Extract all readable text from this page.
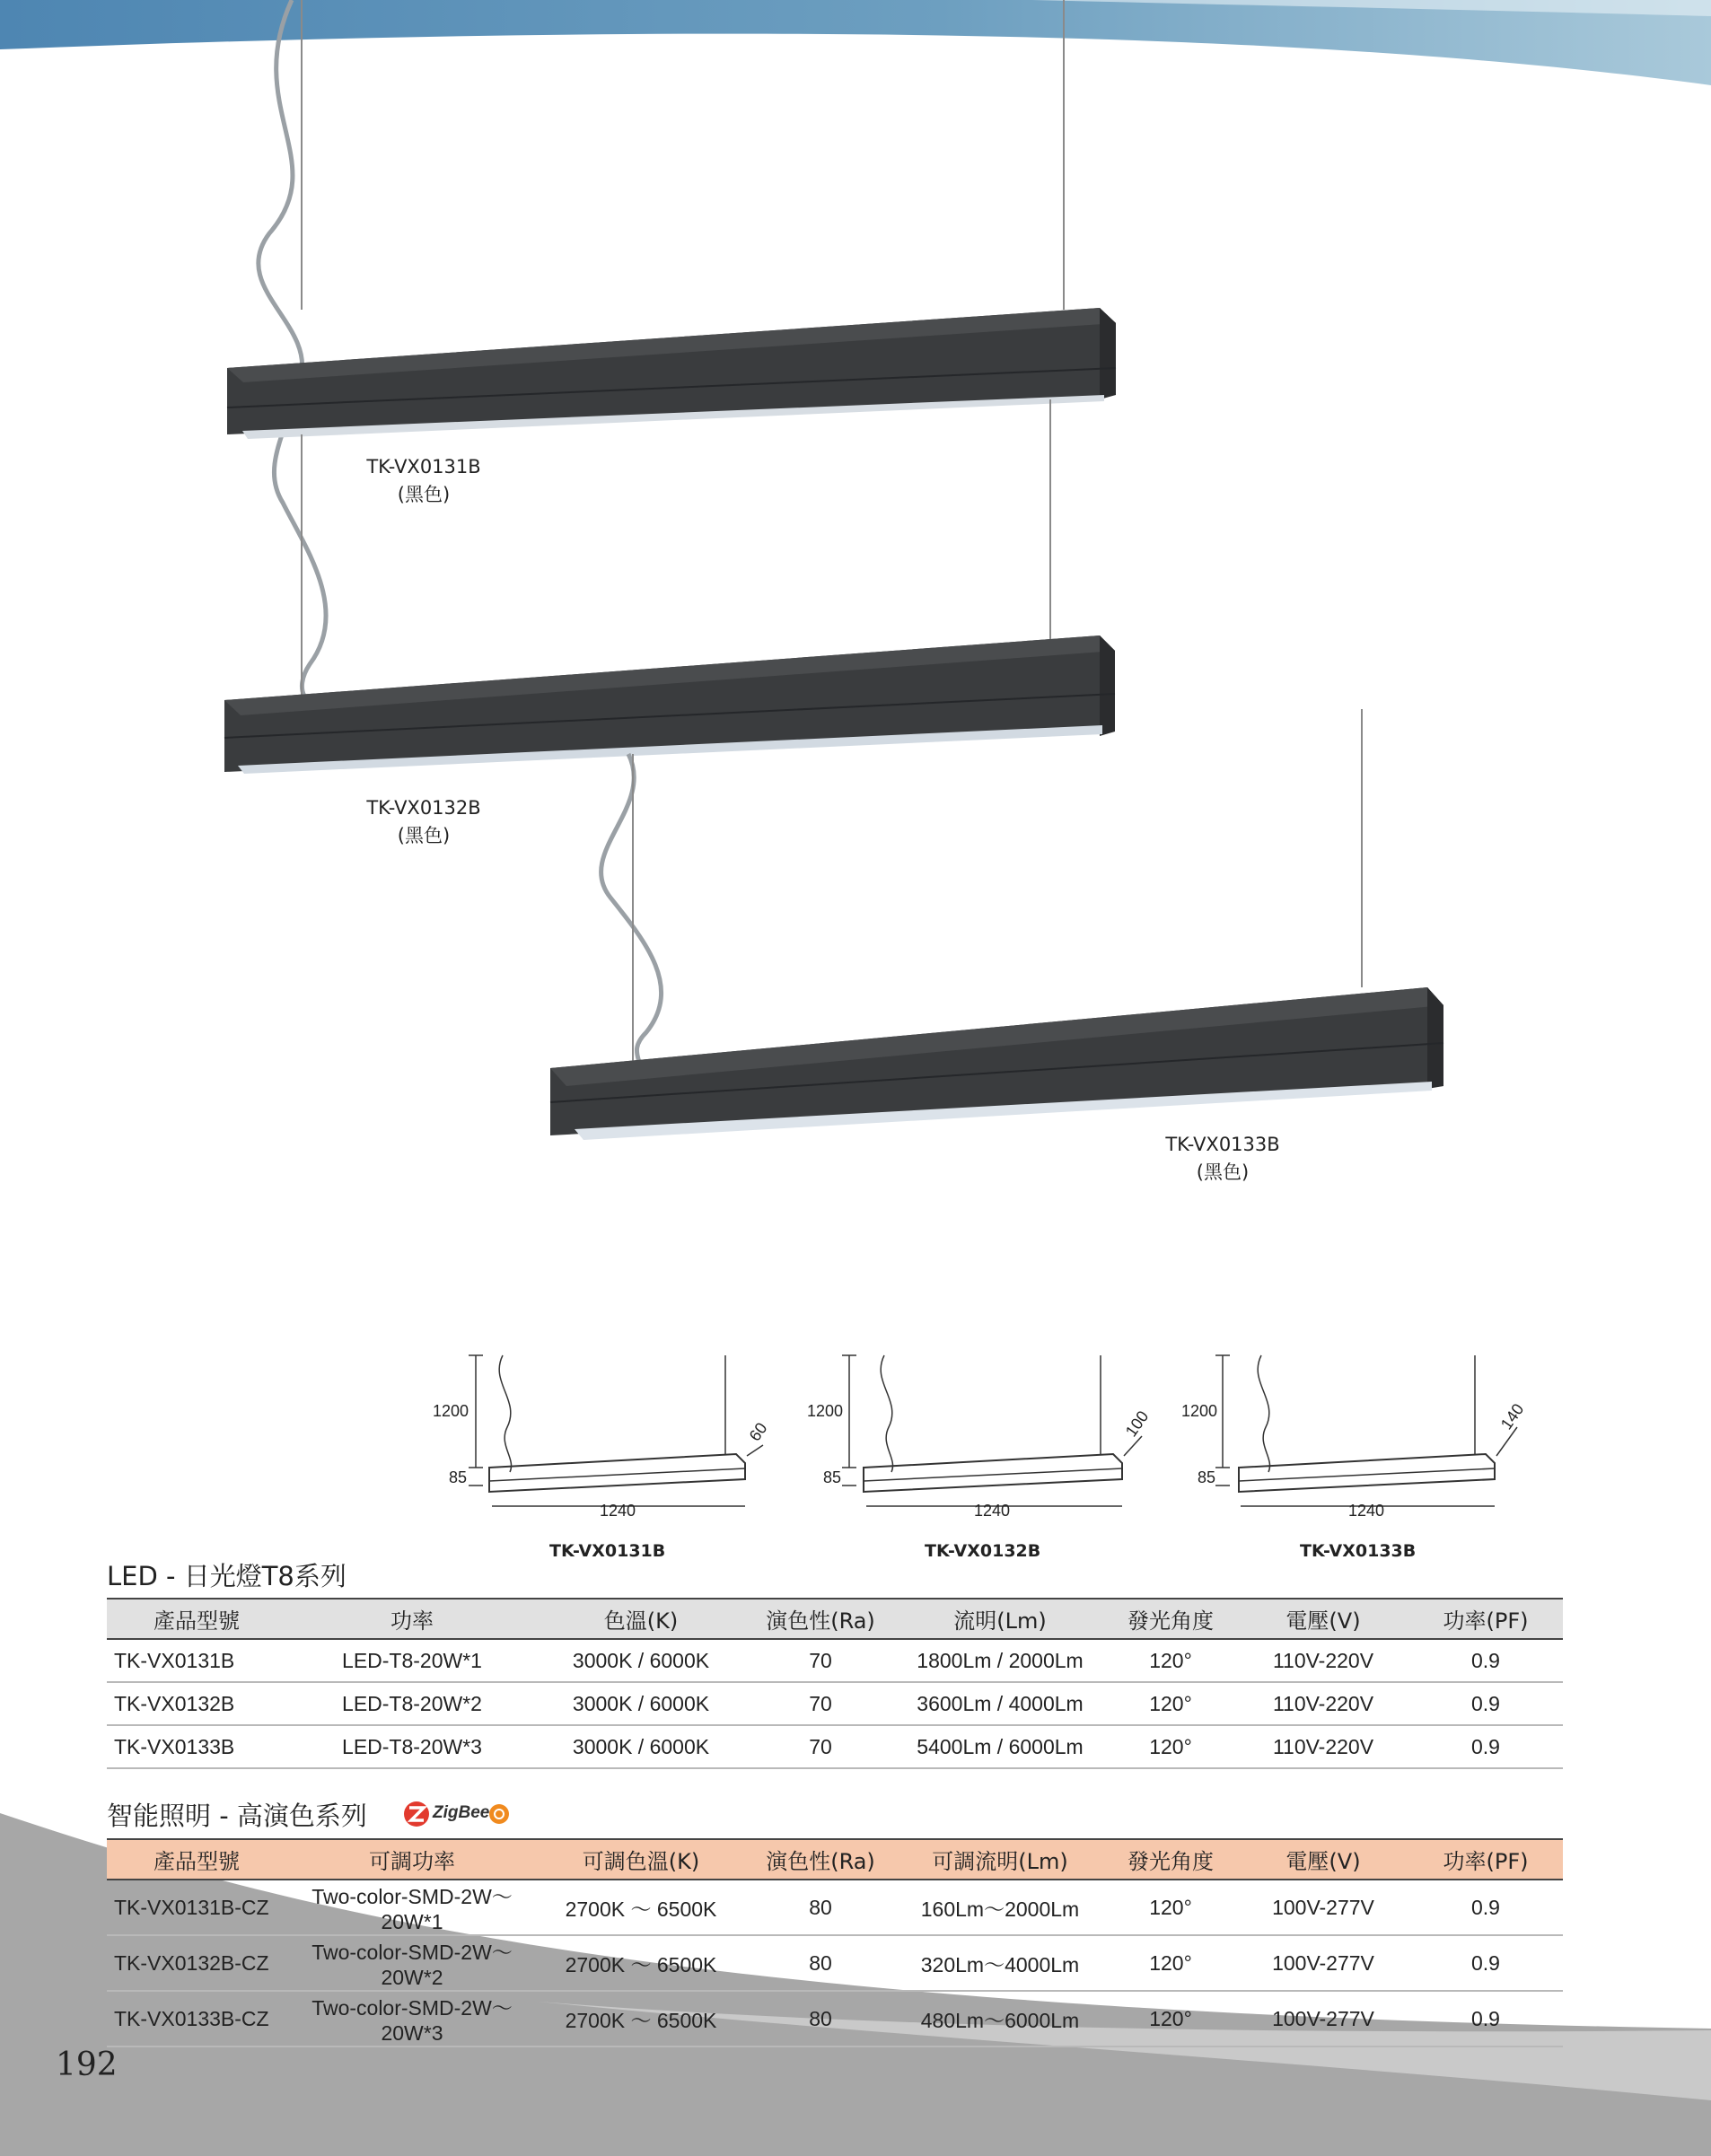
TK-VX0131B
(黑色)
TK-VX0132B
(黑色)
TK-VX0133B
(黑色)
1200
85
1240
60
1200
85
1240
100 1200
85
1240
140
TK-VX0131B	TK-VX0132B	TK-VX0133B
LED - 日光燈T8系列
產品型號	功率	色溫(K)	演色性(Ra)	流明(Lm)	發光角度	電壓(V)	功率(PF)
TK-VX0131B	LED-T8-20W*1	3000K / 6000K	70	1800Lm / 2000Lm	120°	110V-220V	0.9
TK-VX0132B	LED-T8-20W*2	3000K / 6000K	70	3600Lm / 4000Lm	120°	110V-220V	0.9
TK-VX0133B	LED-T8-20W*3	3000K / 6000K	70	5400Lm / 6000Lm	120°	110V-220V	0.9
智能照明 - 高演色系列	ZigBee
產品型號	可調功率	可調色溫(K)	演色性(Ra)	可調流明(Lm)	發光角度	電壓(V)	功率(PF)
TK-VX0131B-CZ	Two-color-SMD-2W～20W*1	2700K ～ 6500K	80	160Lm～2000Lm	120°	100V-277V	0.9
TK-VX0132B-CZ	Two-color-SMD-2W～20W*2	2700K ～ 6500K	80	320Lm～4000Lm	120°	100V-277V	0.9
TK-VX0133B-CZ	Two-color-SMD-2W～20W*3	2700K ～ 6500K	80	480Lm～6000Lm	120°	100V-277V	0.9
192
